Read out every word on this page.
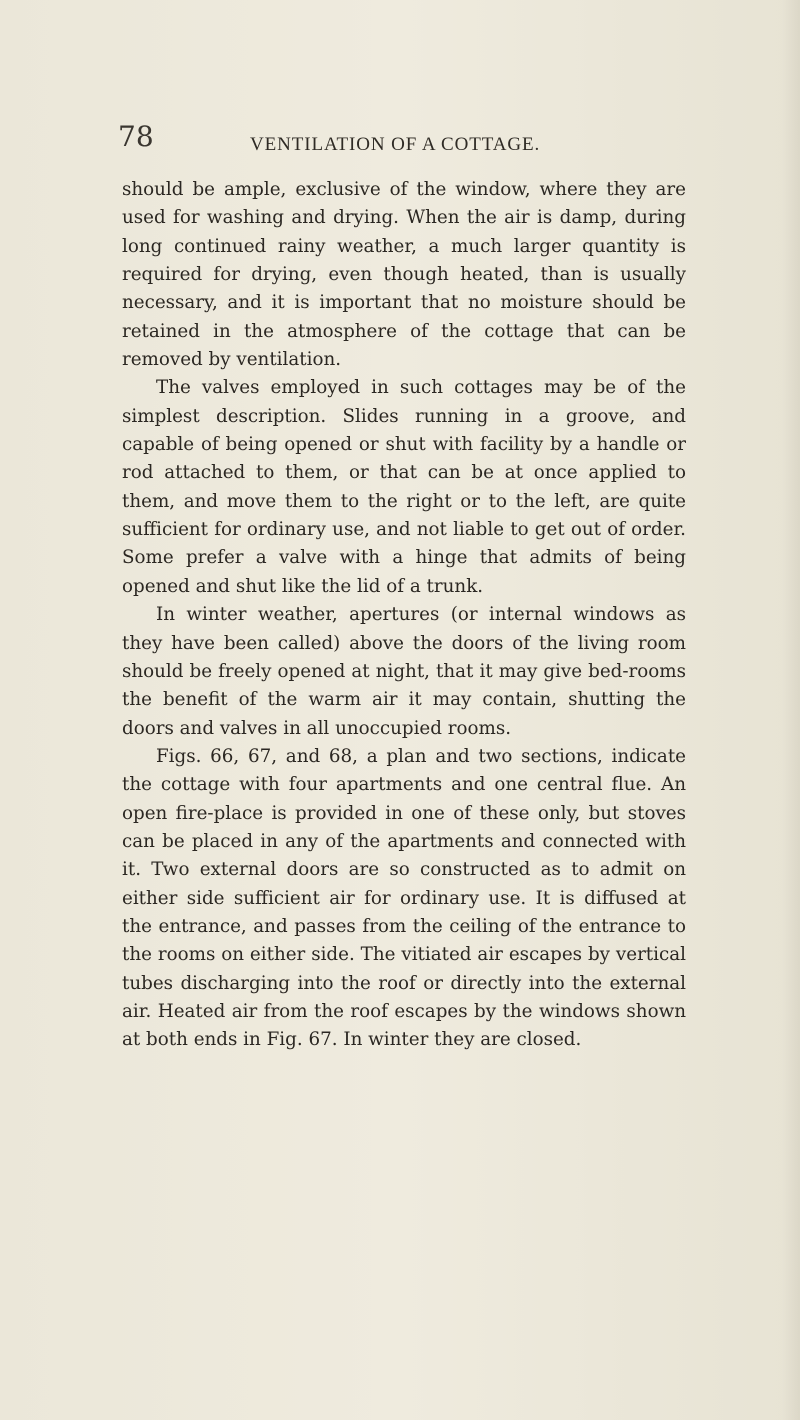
78	VENTILATION OF A COTTAGE.

should be ample, exclusive of the window, where they are used for washing and drying. When the air is damp, during long continued rainy weather, a much larger quantity is required for drying, even though heated, than is usually necessary, and it is important that no moisture should be retained in the atmosphere of the cottage that can be removed by ventilation.

The valves employed in such cottages may be of the simplest description. Slides running in a groove, and capable of being opened or shut with facility by a handle or rod attached to them, or that can be at once applied to them, and move them to the right or to the left, are quite sufficient for ordinary use, and not liable to get out of order. Some prefer a valve with a hinge that admits of being opened and shut like the lid of a trunk.

In winter weather, apertures (or internal windows as they have been called) above the doors of the living room should be freely opened at night, that it may give bed-rooms the benefit of the warm air it may contain, shutting the doors and valves in all unoccupied rooms.

Figs. 66, 67, and 68, a plan and two sections, indicate the cottage with four apartments and one central flue. An open fire-place is provided in one of these only, but stoves can be placed in any of the apartments and connected with it. Two external doors are so constructed as to admit on either side sufficient air for ordinary use. It is diffused at the entrance, and passes from the ceiling of the entrance to the rooms on either side. The vitiated air escapes by vertical tubes discharging into the roof or directly into the external air. Heated air from the roof escapes by the windows shown at both ends in Fig. 67. In winter they are closed.
